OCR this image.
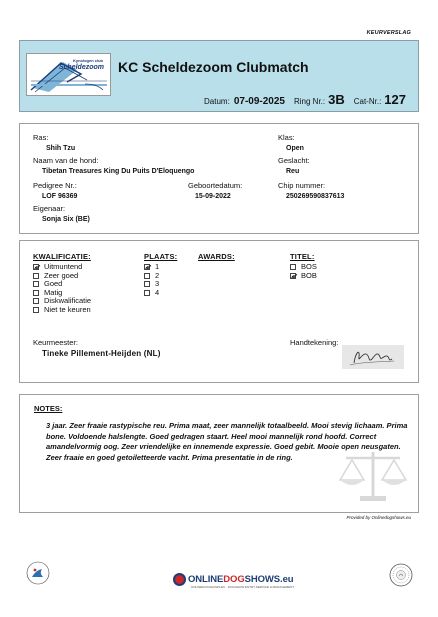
KEURVERSLAG
Kynologen club
Scheldezoom KC Scheldezoom Clubmatch
Datum: 07-09-2025 Ring Nr.: 3B Cat-Nr.: 127
Ras:
Shih Tzu
Klas:
Open
Naam van de hond:
Tibetan Treasures King Du Puits D'Eloquengo
Geslacht:
Reu
Pedigree Nr.:
LOF 96369
Geboortedatum:
15-09-2022
Chip nummer:
250269590837613
Eigenaar:
Sonja Six (BE)
KWALIFICATIE:	PLAATS:	AWARDS:	TITEL:
Uitmuntend
Zeer goed
Goed
Matig
Diskwalificatie
Niet te keuren
1
2
3
4
BOS
BOB
Keurmeester:
Tineke Pillement-Heijden (NL)
Handtekening:
NOTES:
3 jaar. Zeer fraaie rastypische reu. Prima maat, zeer mannelijk totaalbeeld. Mooi stevig lichaam. Prima bone. Voldoende halslengte. Goed gedragen staart. Heel mooi mannelijk rond hoofd. Correct amandelvormig oog. Zeer vriendelijke en innemende expressie. Goed gebit. Mooie open neusgaten. Zeer fraaie en goed getoiletteerde vacht. Prima presentatie in de ring.
Provided by Onlinedogshows.eu
ONLINEDOGSHOWS.eu
ONLINEDOGSHOWS.EU · DOGSHOW ENTRY SERVICE & MANAGEMENT
